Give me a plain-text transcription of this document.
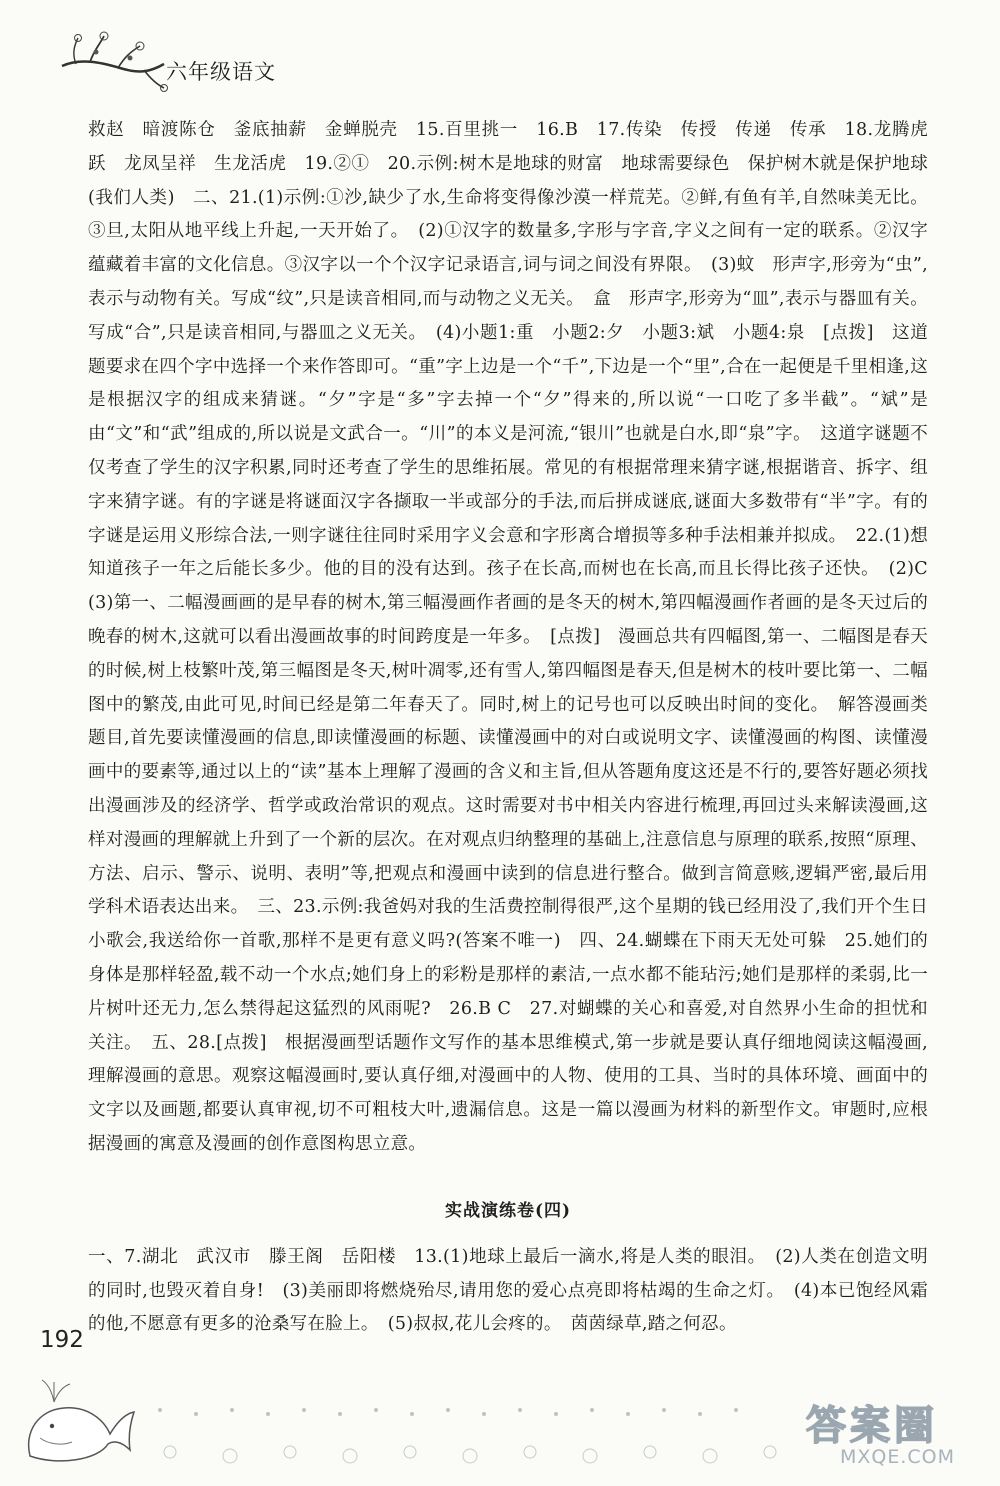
六年级语文

救赵　暗渡陈仓　釜底抽薪　金蝉脱壳　15.百里挑一　16.B　17.传染　传授　传递　传承　18.龙腾虎跃　龙凤呈祥　生龙活虎　19.②①　20.示例:树木是地球的财富　地球需要绿色　保护树木就是保护地球(我们人类)　二、21.(1)示例:①沙,缺少了水,生命将变得像沙漠一样荒芜。②鲜,有鱼有羊,自然味美无比。③旦,太阳从地平线上升起,一天开始了。　(2)①汉字的数量多,字形与字音,字义之间有一定的联系。②汉字蕴藏着丰富的文化信息。③汉字以一个个汉字记录语言,词与词之间没有界限。　(3)蚊　形声字,形旁为“虫”,表示与动物有关。写成“纹”,只是读音相同,而与动物之义无关。　盒　形声字,形旁为“皿”,表示与器皿有关。写成“合”,只是读音相同,与器皿之义无关。　(4)小题1:重　小题2:夕　小题3:斌　小题4:泉　[点拨]　这道题要求在四个字中选择一个来作答即可。“重”字上边是一个“千”,下边是一个“里”,合在一起便是千里相逢,这是根据汉字的组成来猜谜。“夕”字是“多”字去掉一个“夕”得来的,所以说“一口吃了多半截”。“斌”是由“文”和“武”组成的,所以说是文武合一。“川”的本义是河流,“银川”也就是白水,即“泉”字。　这道字谜题不仅考查了学生的汉字积累,同时还考查了学生的思维拓展。常见的有根据常理来猜字谜,根据谐音、拆字、组字来猜字谜。有的字谜是将谜面汉字各撷取一半或部分的手法,而后拼成谜底,谜面大多数带有“半”字。有的字谜是运用义形综合法,一则字谜往往同时采用字义会意和字形离合增损等多种手法相兼并拟成。　22.(1)想知道孩子一年之后能长多少。他的目的没有达到。孩子在长高,而树也在长高,而且长得比孩子还快。　(2)C　(3)第一、二幅漫画画的是早春的树木,第三幅漫画作者画的是冬天的树木,第四幅漫画作者画的是冬天过后的晚春的树木,这就可以看出漫画故事的时间跨度是一年多。　[点拨]　漫画总共有四幅图,第一、二幅图是春天的时候,树上枝繁叶茂,第三幅图是冬天,树叶凋零,还有雪人,第四幅图是春天,但是树木的枝叶要比第一、二幅图中的繁茂,由此可见,时间已经是第二年春天了。同时,树上的记号也可以反映出时间的变化。　解答漫画类题目,首先要读懂漫画的信息,即读懂漫画的标题、读懂漫画中的对白或说明文字、读懂漫画的构图、读懂漫画中的要素等,通过以上的“读”基本上理解了漫画的含义和主旨,但从答题角度这还是不行的,要答好题必须找出漫画涉及的经济学、哲学或政治常识的观点。这时需要对书中相关内容进行梳理,再回过头来解读漫画,这样对漫画的理解就上升到了一个新的层次。在对观点归纳整理的基础上,注意信息与原理的联系,按照“原理、方法、启示、警示、说明、表明”等,把观点和漫画中读到的信息进行整合。做到言简意赅,逻辑严密,最后用学科术语表达出来。　三、23.示例:我爸妈对我的生活费控制得很严,这个星期的钱已经用没了,我们开个生日小歌会,我送给你一首歌,那样不是更有意义吗?(答案不唯一)　四、24.蝴蝶在下雨天无处可躲　25.她们的身体是那样轻盈,载不动一个水点;她们身上的彩粉是那样的素洁,一点水都不能玷污;她们是那样的柔弱,比一片树叶还无力,怎么禁得起这猛烈的风雨呢?　26.B C　27.对蝴蝶的关心和喜爱,对自然界小生命的担忧和关注。　五、28.[点拨]　根据漫画型话题作文写作的基本思维模式,第一步就是要认真仔细地阅读这幅漫画,理解漫画的意思。观察这幅漫画时,要认真仔细,对漫画中的人物、使用的工具、当时的具体环境、画面中的文字以及画题,都要认真审视,切不可粗枝大叶,遗漏信息。这是一篇以漫画为材料的新型作文。审题时,应根据漫画的寓意及漫画的创作意图构思立意。

实战演练卷(四)

一、7.湖北　武汉市　滕王阁　岳阳楼　13.(1)地球上最后一滴水,将是人类的眼泪。　(2)人类在创造文明的同时,也毁灭着自身!　(3)美丽即将燃烧殆尽,请用您的爱心点亮即将枯竭的生命之灯。　(4)本已饱经风霜的他,不愿意有更多的沧桑写在脸上。　(5)叔叔,花儿会疼的。　茵茵绿草,踏之何忍。

192
答案圈
MXQE.COM
